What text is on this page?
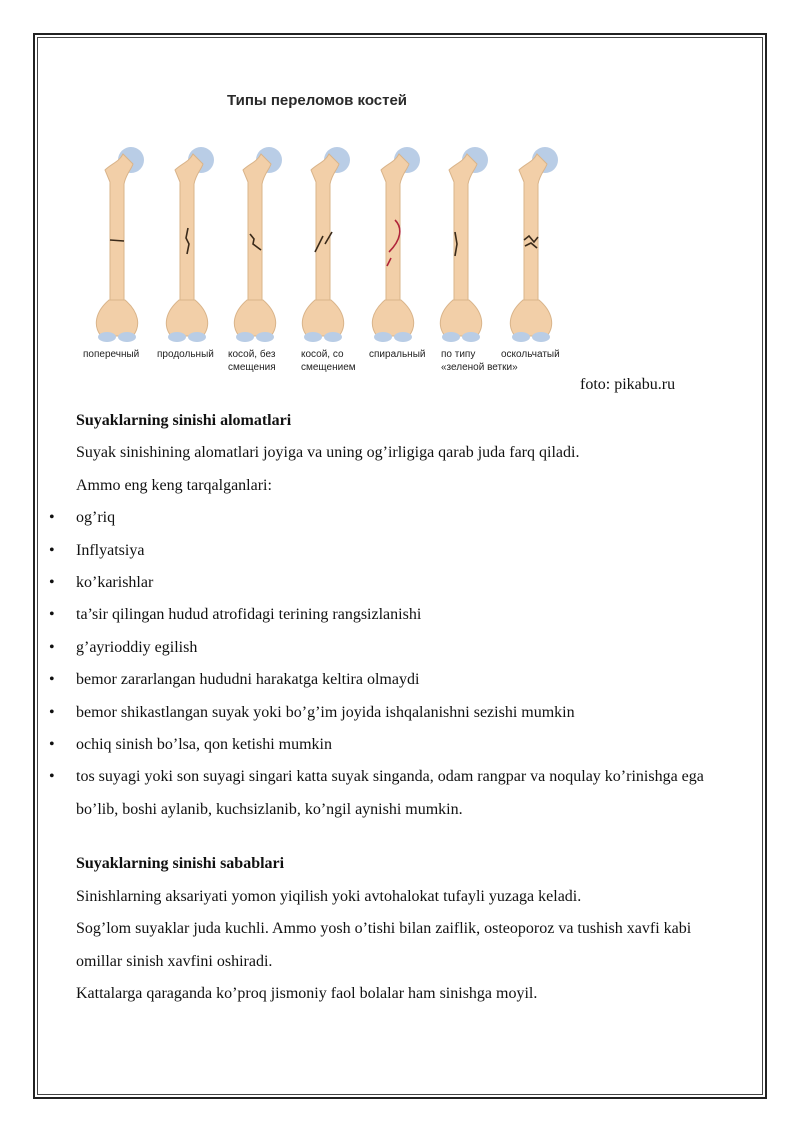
Типы переломов костей
поперечный продольный косой, без
смещения
косой, со
смещением
спиральный по типу
«зеленой ветки»
оскольчатый
foto: pikabu.ru

Suyaklarning sinishi alomatlari

Suyak sinishining alomatlari joyiga va uning og’irligiga qarab juda farq qiladi.

Ammo eng keng tarqalganlari:

• og’riq
• Inflyatsiya
• ko’karishlar
• ta’sir qilingan hudud atrofidagi terining rangsizlanishi
• g’ayrioddiy egilish
• bemor zararlangan hududni harakatga keltira olmaydi
• bemor shikastlangan suyak yoki bo’g’im joyida ishqalanishni sezishi mumkin
• ochiq sinish bo’lsa, qon ketishi mumkin
• tos suyagi yoki son suyagi singari katta suyak singanda, odam rangpar va noqulay ko’rinishga ega bo’lib, boshi aylanib, kuchsizlanib, ko’ngil aynishi mumkin.

Suyaklarning sinishi sabablari

Sinishlarning aksariyati yomon yiqilish yoki avtohalokat tufayli yuzaga keladi.

Sog’lom suyaklar juda kuchli. Ammo yosh o’tishi bilan zaiflik, osteoporoz va tushish xavfi kabi omillar sinish xavfini oshiradi.

Kattalarga qaraganda ko’proq jismoniy faol bolalar ham sinishga moyil.
